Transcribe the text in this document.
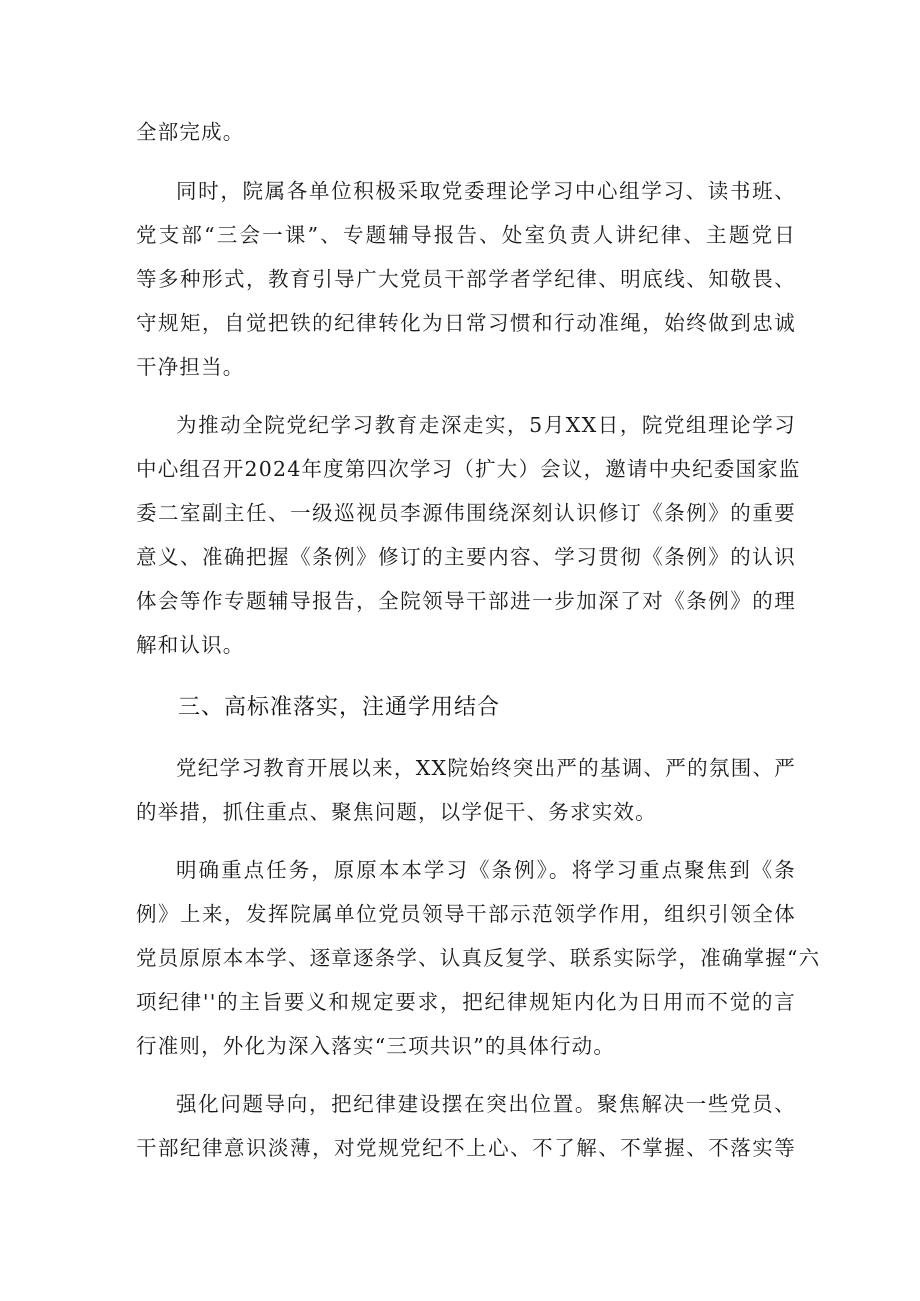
全部完成。
同时，院属各单位积极采取党委理论学习中心组学习、读书班、
党支部“三会一课”、专题辅导报告、处室负责人讲纪律、主题党日
等多种形式，教育引导广大党员干部学者学纪律、明底线、知敬畏、
守规矩，自觉把铁的纪律转化为日常习惯和行动准绳，始终做到忠诚
干净担当。
为推动全院党纪学习教育走深走实，5月XX日，院党组理论学习
中心组召开2024年度第四次学习（扩大）会议，邀请中央纪委国家监
委二室副主任、一级巡视员李源伟围绕深刻认识修订《条例》的重要
意义、准确把握《条例》修订的主要内容、学习贯彻《条例》的认识
体会等作专题辅导报告，全院领导干部进一步加深了对《条例》的理
解和认识。
三、高标准落实，注通学用结合
党纪学习教育开展以来，XX院始终突出严的基调、严的氛围、严
的举措，抓住重点、聚焦问题，以学促干、务求实效。
明确重点任务，原原本本学习《条例》。将学习重点聚焦到《条
例》上来，发挥院属单位党员领导干部示范领学作用，组织引领全体
党员原原本本学、逐章逐条学、认真反复学、联系实际学，准确掌握“六
项纪律''的主旨要义和规定要求，把纪律规矩内化为日用而不觉的言
行准则，外化为深入落实“三项共识”的具体行动。
强化问题导向，把纪律建设摆在突出位置。聚焦解决一些党员、
干部纪律意识淡薄，对党规党纪不上心、不了解、不掌握、不落实等
